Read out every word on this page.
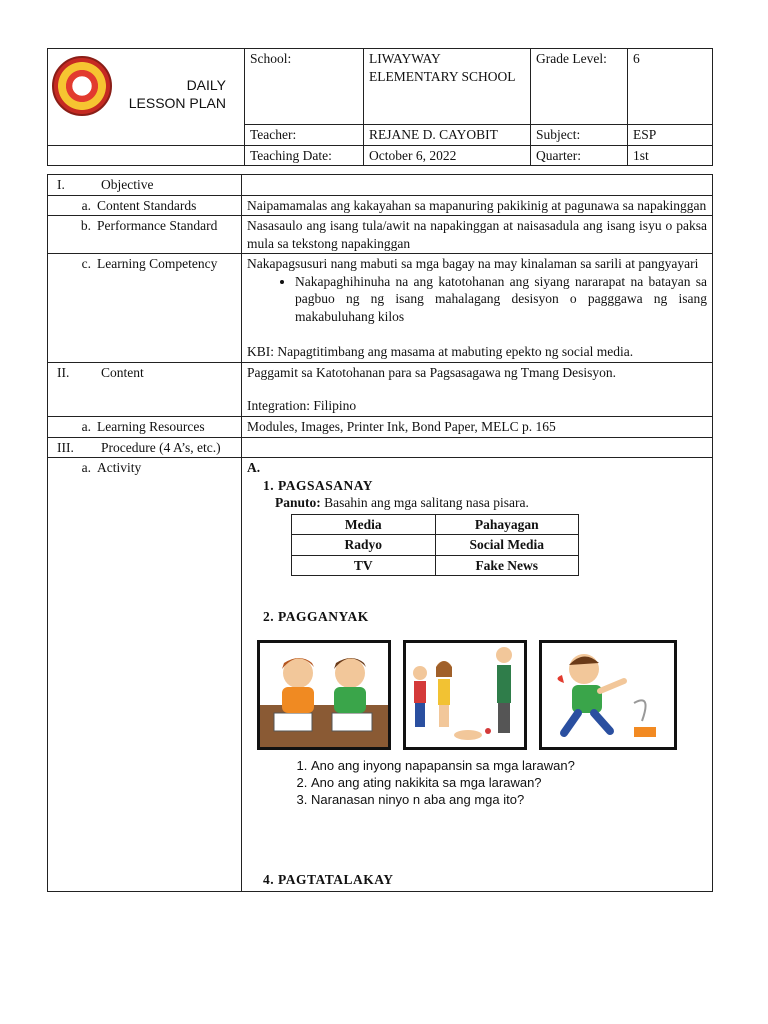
DAILY
LESSON PLAN
	School:	LIWAYWAY ELEMENTARY SCHOOL	Grade Level:	6
	Teacher:	REJANE D. CAYOBIT	Subject:	ESP
	Teaching Date:	October 6, 2022	Quarter:	1st
I.	Objective	
a. Content Standards	Naipamamalas ang kakayahan sa mapanuring pakikinig at pagunawa sa napakinggan
b. Performance Standard	Nasasaulo ang isang tula/awit na napakinggan at naisasadula ang isang isyu o paksa mula sa tekstong napakinggan
c. Learning Competency	Nakapagsusuri nang mabuti sa mga bagay na may kinalaman sa sarili at pangyayari
• Nakapaghihinuha na ang katotohanan ang siyang nararapat na batayan sa pagbuo ng ng isang mahalagang desisyon o pagggawa ng isang makabuluhang kilos
KBI: Napagtitimbang ang masama at mabuting epekto ng social media.

II. Content	Paggamit sa Katotohanan para sa Pagsasagawa ng Tmang Desisyon.
Integration: Filipino

a. Learning Resources	Modules, Images, Printer Ink, Bond Paper, MELC p. 165
III. Procedure (4 A’s, etc.)	
a. Activity	A.
1. PAGSASANAY
Panuto: Basahin ang mga salitang nasa pisara.
Media	Pahayagan
Radyo	Social Media
TV	Fake News
2. PAGGANYAK
1. Ano ang inyong napapansin sa mga larawan?
2. Ano ang ating nakikita sa mga larawan?
3. Naranasan ninyo n aba ang mga ito?
4. PAGTATALAKAY
